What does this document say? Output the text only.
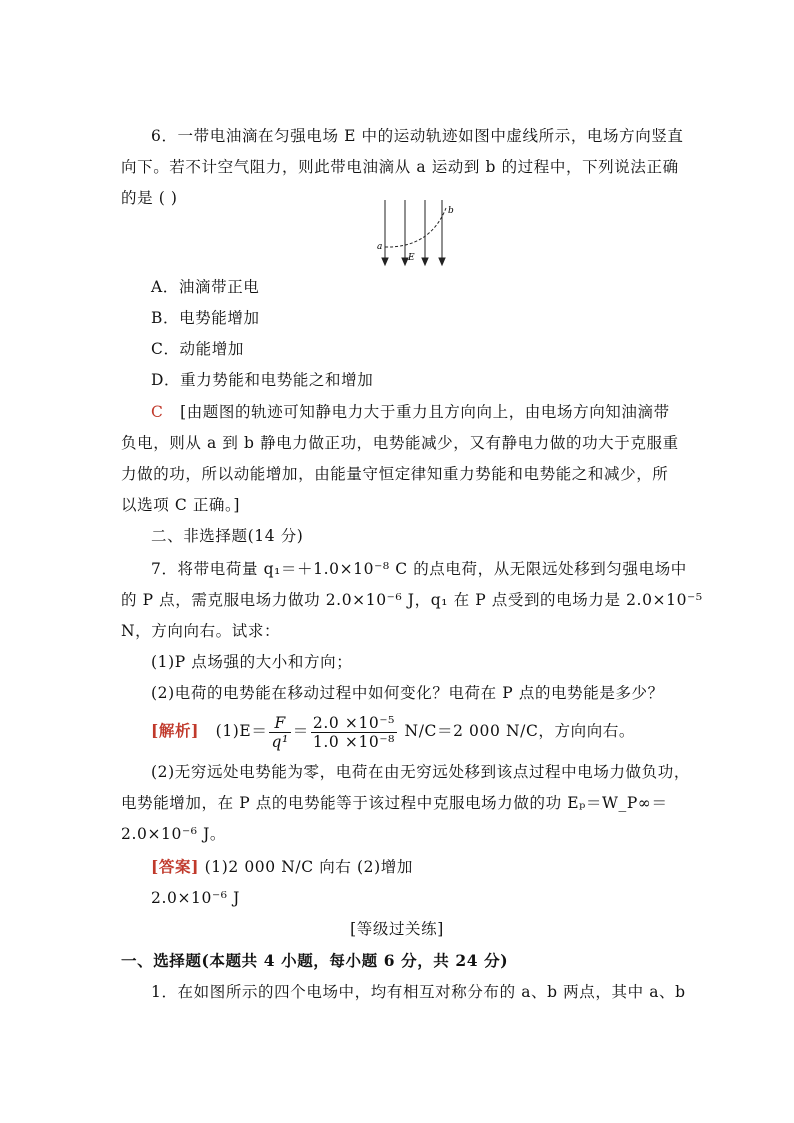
6．一带电油滴在匀强电场 E 中的运动轨迹如图中虚线所示，电场方向竖直
向下。若不计空气阻力，则此带电油滴从 a 运动到 b 的过程中，下列说法正确
的是 ( )
a
b
E
A．油滴带正电
B．电势能增加
C．动能增加
D．重力势能和电势能之和增加
C [由题图的轨迹可知静电力大于重力且方向向上，由电场方向知油滴带
负电，则从 a 到 b 静电力做正功，电势能减少，又有静电力做的功大于克服重
力做的功，所以动能增加，由能量守恒定律知重力势能和电势能之和减少，所
以选项 C 正确。]
二、非选择题(14 分)
7．将带电荷量 q₁＝＋1.0×10⁻⁸ C 的点电荷，从无限远处移到匀强电场中
的 P 点，需克服电场力做功 2.0×10⁻⁶ J，q₁ 在 P 点受到的电场力是 2.0×10⁻⁵
N，方向向右。试求：
(1)P 点场强的大小和方向；
(2)电荷的电势能在移动过程中如何变化？电荷在 P 点的电势能是多少？
[解析] $(1)E= \frac{F}{\text{q¹}} = \frac{\text{2.0 ×10⁻⁵}}{\text{1.0 ×10⁻⁸}} N/C=2$ 000 N/C，方向向右。
(2)无穷远处电势能为零，电荷在由无穷远处移到该点过程中电场力做负功，
电势能增加，在 P 点的电势能等于该过程中克服电场力做的功 Eₚ＝W_P∞＝
2.0×10⁻⁶ J。
[答案] (1)2 000 N/C 向右 (2)增加
2.0×10⁻⁶ J
[等级过关练]
一、选择题(本题共 4 小题，每小题 6 分，共 24 分)
1．在如图所示的四个电场中，均有相互对称分布的 a、b 两点，其中 a、b
